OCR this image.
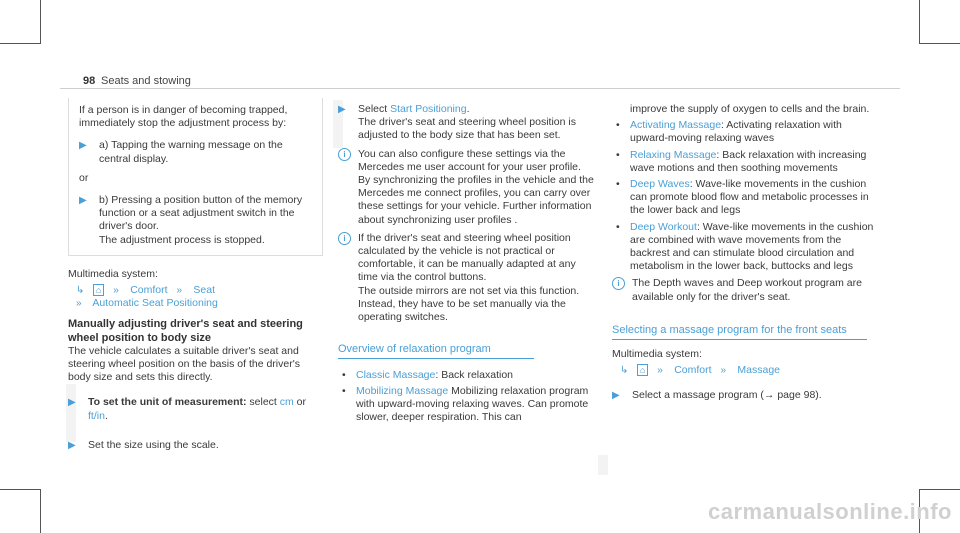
98 Seats and stowing

If a person is in danger of becoming trapped, immediately stop the adjustment process by:

▶ a) Tapping the warning message on the central display.

or

▶ b) Pressing a position button of the memory function or a seat adjustment switch in the driver's door.
The adjustment process is stopped.

Multimedia system:

↳ ⌂ » Comfort » Seat
» Automatic Seat Positioning

Manually adjusting driver's seat and steering wheel position to body size

The vehicle calculates a suitable driver's seat and steering wheel position on the basis of the driver's body size and sets this directly.

▶ To set the unit of measurement: select cm or
ft/in.
▶ Set the size using the scale.
▶ Select Start Positioning.
The driver's seat and steering wheel position is adjusted to the body size that has been set.
i	You can also configure these settings via the Mercedes me user account for your user profile. By synchronizing the profiles in the vehicle and the Mercedes me connect profiles, you can carry over these settings for your vehicle. Further information about synchronizing user profiles .
i	If the driver's seat and steering wheel position calculated by the vehicle is not practical or comfortable, it can be manually adapted at any time via the control buttons.
The outside mirrors are not set via this function. Instead, they have to be set manually via the operating switches.

Overview of relaxation program

• Classic Massage: Back relaxation
• Mobilizing Massage Mobilizing relaxation program with upward-moving relaxing waves. Can promote slower, deeper respiration. This can

improve the supply of oxygen to cells and the brain.

• Activating Massage: Activating relaxation with upward-moving relaxing waves
• Relaxing Massage: Back relaxation with increasing wave motions and then soothing movements
• Deep Waves: Wave-like movements in the cushion can promote blood flow and metabolic processes in the lower back and legs
• Deep Workout: Wave-like movements in the cushion are combined with wave movements from the backrest and can stimulate blood circulation and metabolism in the lower back, buttocks and legs
i	The Depth waves and Deep workout program are available only for the driver's seat.

Selecting a massage program for the front seats

Multimedia system:

↳ ⌂ » Comfort » Massage

▶ Select a massage program (→ page 98).
carmanualsonline.info
